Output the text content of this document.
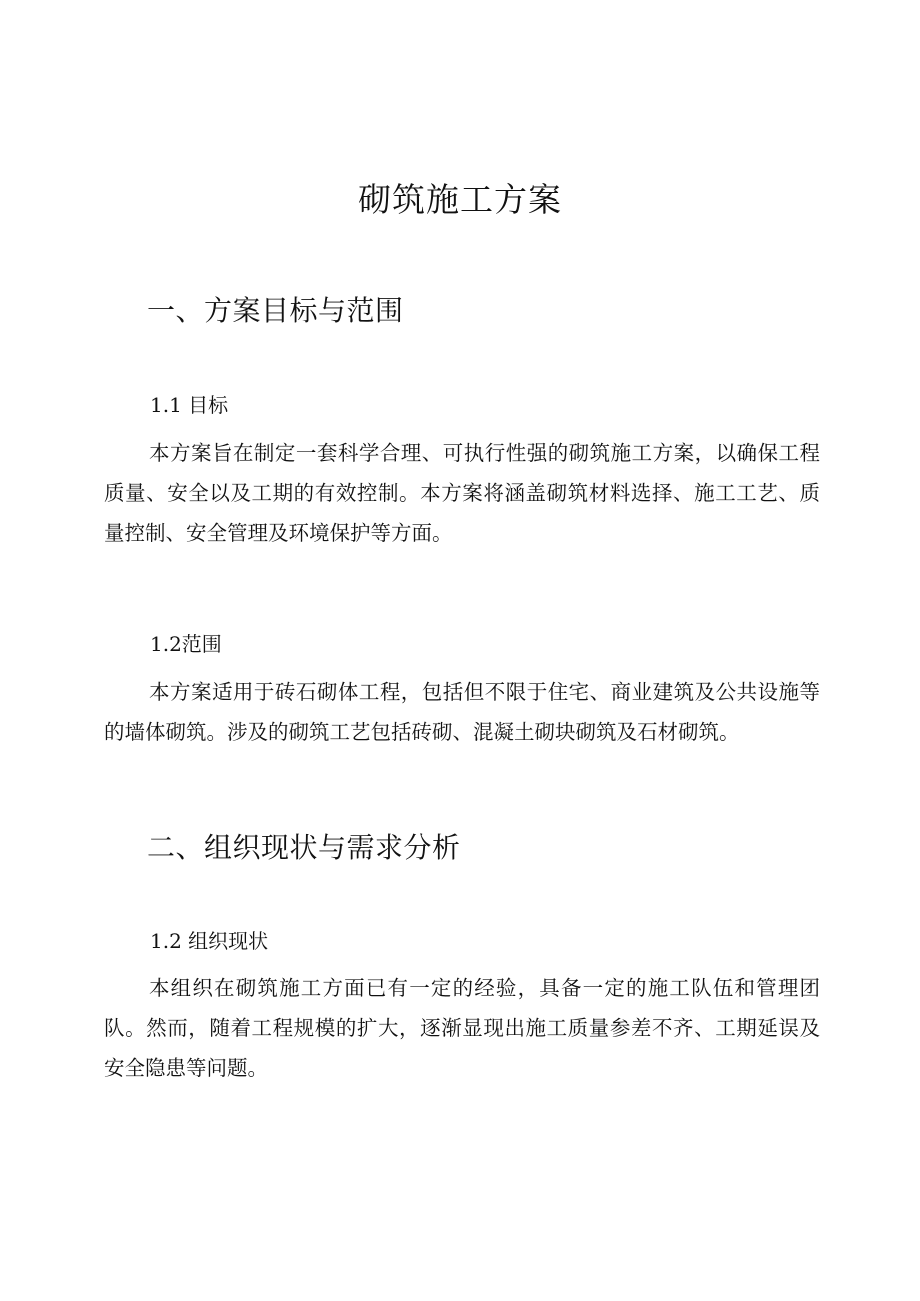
砌筑施工方案
一、方案目标与范围
1.1 目标

本方案旨在制定一套科学合理、可执行性强的砌筑施工方案，以确保工程质量、安全以及工期的有效控制。本方案将涵盖砌筑材料选择、施工工艺、质量控制、安全管理及环境保护等方面。

1.2范围

本方案适用于砖石砌体工程，包括但不限于住宅、商业建筑及公共设施等的墙体砌筑。涉及的砌筑工艺包括砖砌、混凝土砌块砌筑及石材砌筑。

二、组织现状与需求分析
1.2 组织现状

本组织在砌筑施工方面已有一定的经验，具备一定的施工队伍和管理团队。然而，随着工程规模的扩大，逐渐显现出施工质量参差不齐、工期延误及安全隐患等问题。
